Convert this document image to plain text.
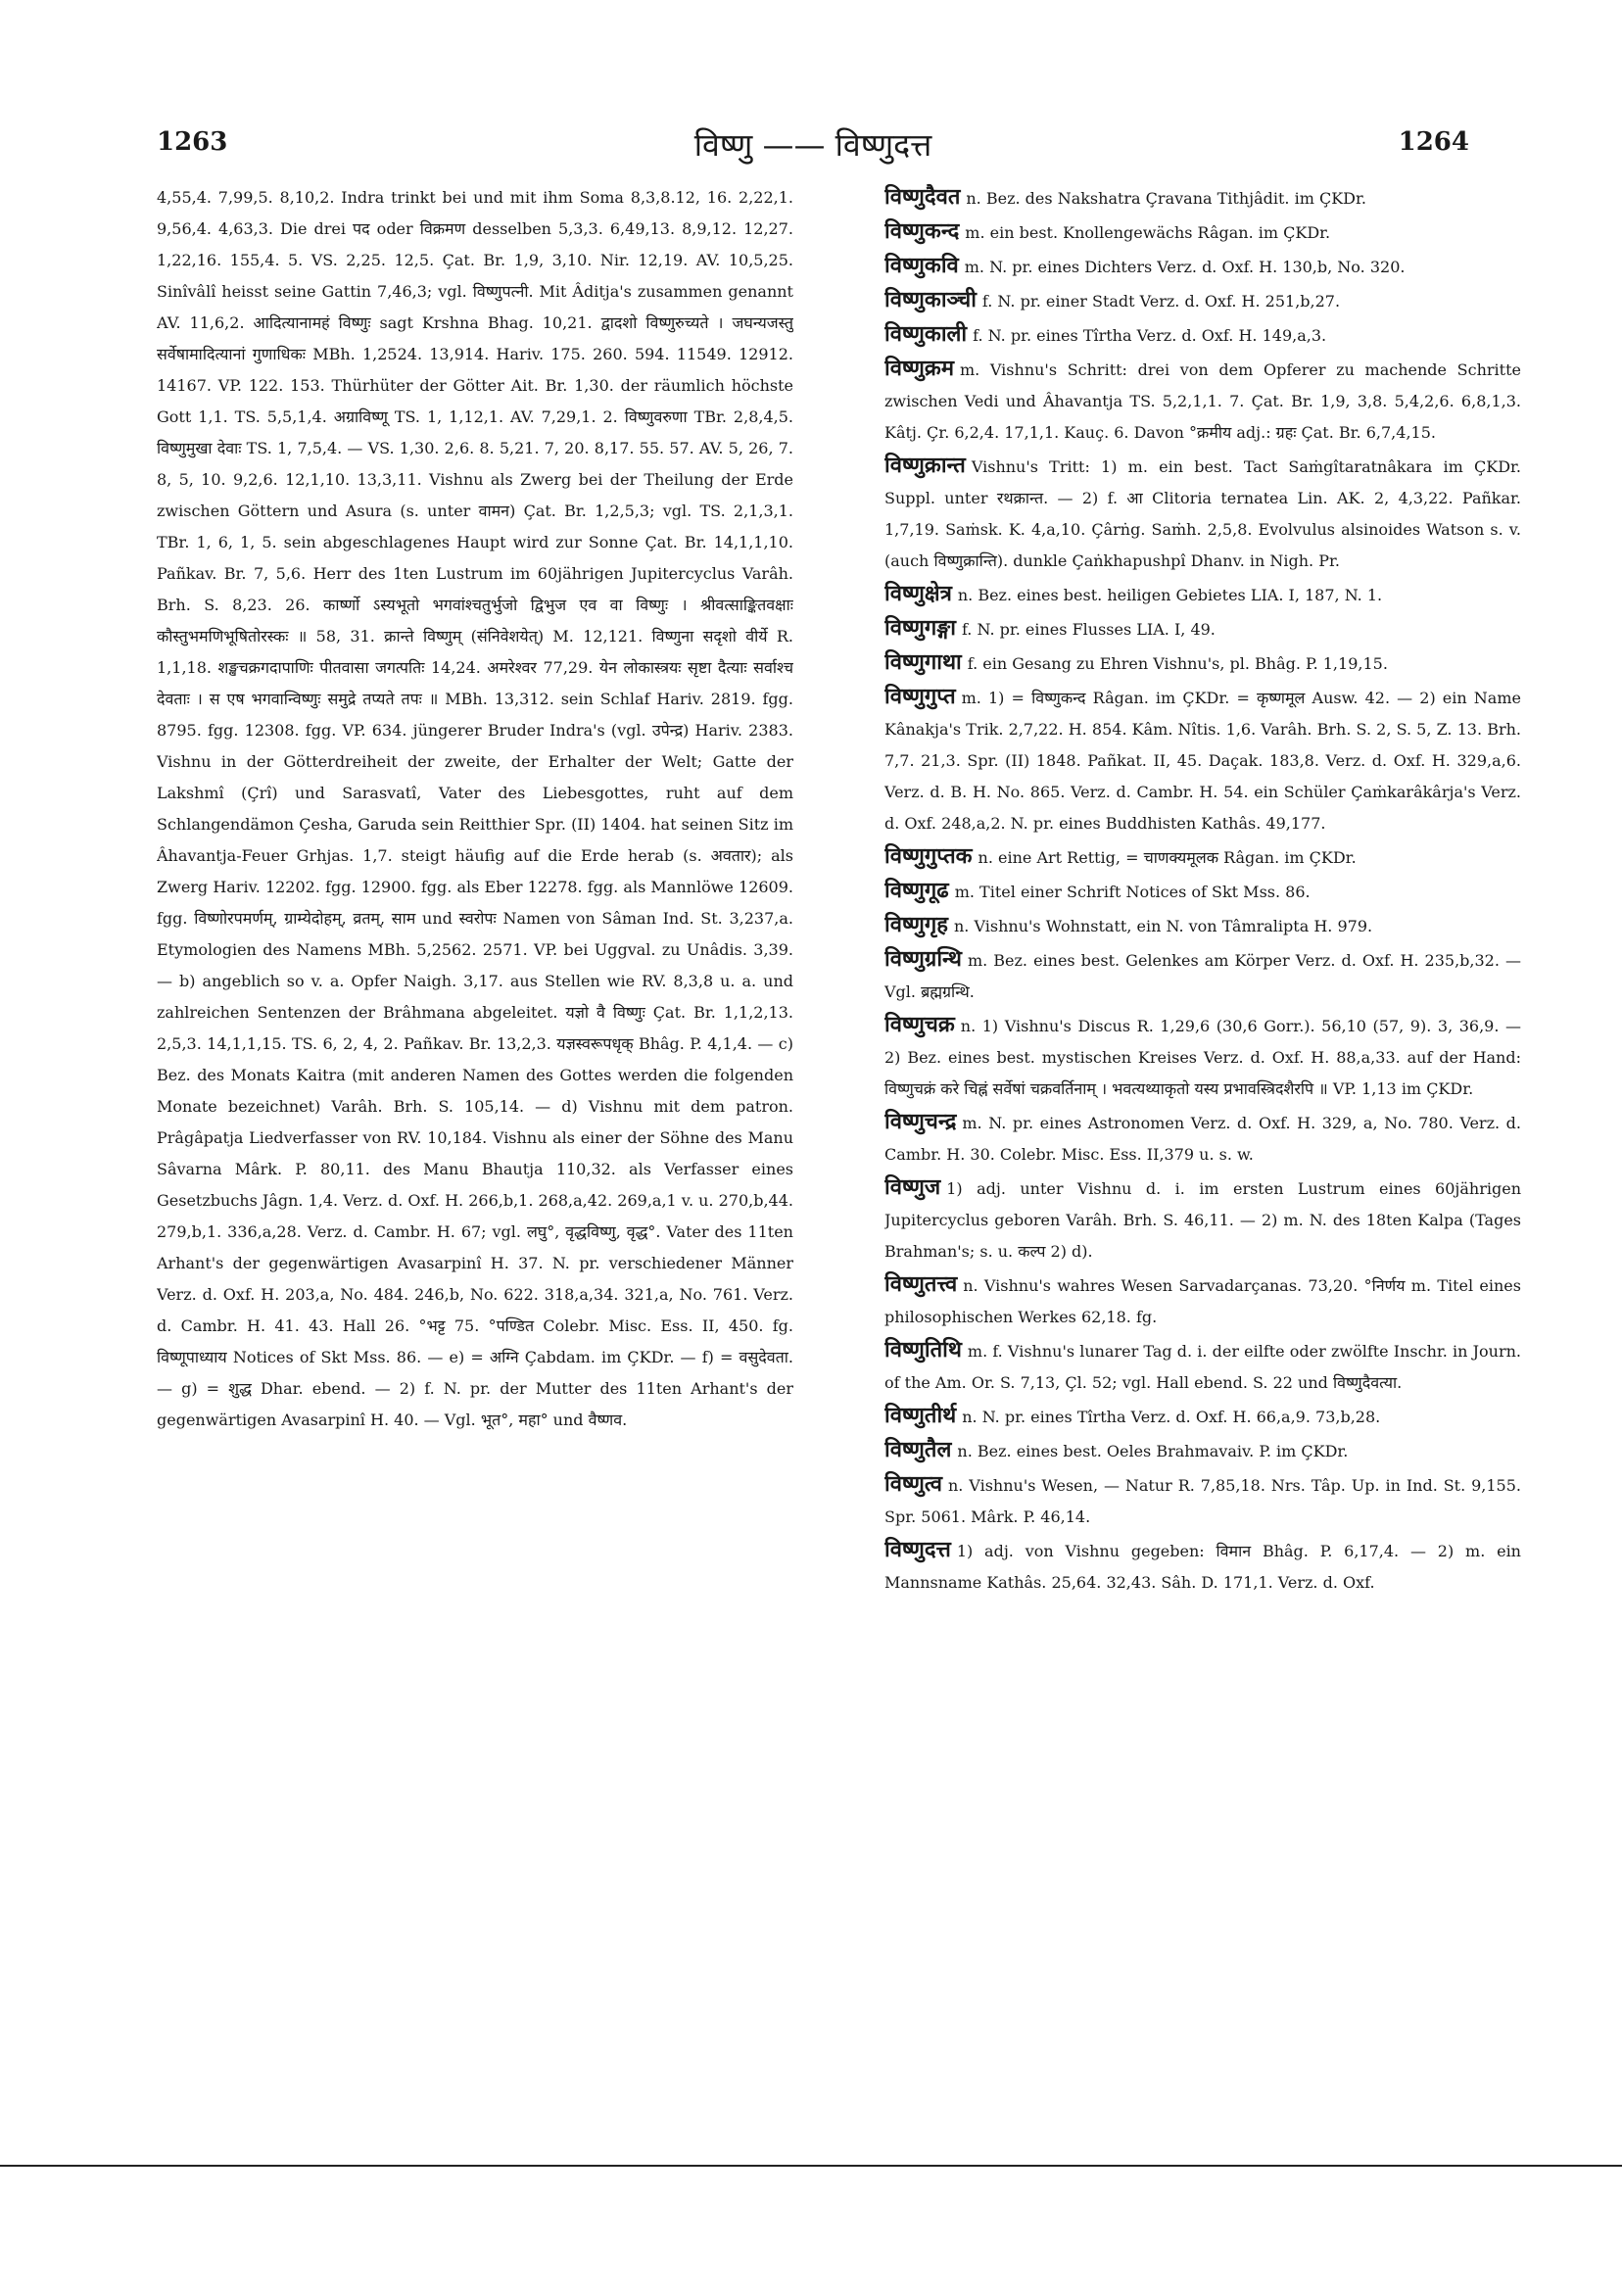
1263	विष्णु —— विष्णुदत्त	1264

4,55,4. 7,99,5. 8,10,2. Indra trinkt bei und mit ihm Soma 8,3,8.12, 16. 2,22,1. 9,56,4. 4,63,3. Die drei पद oder विक्रमण desselben 5,3,3. 6,49,13. 8,9,12. 12,27. 1,22,16. 155,4. 5. VS. 2,25. 12,5. Çat. Br. 1,9, 3,10. Nir. 12,19. AV. 10,5,25. Sinîvâlî heisst seine Gattin 7,46,3; vgl. विष्णुपत्नी. Mit Âditja's zusammen genannt AV. 11,6,2. आदित्यानामहं विष्णुः sagt Krshna Bhag. 10,21. द्वादशो विष्णुरुच्यते । जघन्यजस्तु सर्वेषामादित्यानां गुणाधिकः MBh. 1,2524. 13,914. Hariv. 175. 260. 594. 11549. 12912. 14167. VP. 122. 153. Thürhüter der Götter Ait. Br. 1,30. der räumlich höchste Gott 1,1. TS. 5,5,1,4. अग्राविष्णू TS. 1, 1,12,1. AV. 7,29,1. 2. विष्णुवरुणा TBr. 2,8,4,5. विष्णुमुखा देवाः TS. 1, 7,5,4. — VS. 1,30. 2,6. 8. 5,21. 7, 20. 8,17. 55. 57. AV. 5, 26, 7. 8, 5, 10. 9,2,6. 12,1,10. 13,3,11. Vishnu als Zwerg bei der Theilung der Erde zwischen Göttern und Asura (s. unter वामन) Çat. Br. 1,2,5,3; vgl. TS. 2,1,3,1. TBr. 1, 6, 1, 5. sein abgeschlagenes Haupt wird zur Sonne Çat. Br. 14,1,1,10. Pañkav. Br. 7, 5,6. Herr des 1ten Lustrum im 60jährigen Jupitercyclus Varâh. Brh. S. 8,23. 26. कार्ष्णो ऽस्यभूतो भगवांश्चतुर्भुजो द्विभुज एव वा विष्णुः । श्रीवत्साङ्कितवक्षाः कौस्तुभमणिभूषितोरस्कः ॥ 58, 31. क्रान्ते विष्णुम् (संनिवेशयेत्) M. 12,121. विष्णुना सदृशो वीर्ये R. 1,1,18. शङ्खचक्रगदापाणिः पीतवासा जगत्पतिः 14,24. अमरेश्वर 77,29. येन लोकास्त्रयः सृष्टा दैत्याः सर्वाश्च देवताः । स एष भगवान्विष्णुः समुद्रे तप्यते तपः ॥ MBh. 13,312. sein Schlaf Hariv. 2819. fgg. 8795. fgg. 12308. fgg. VP. 634. jüngerer Bruder Indra's (vgl. उपेन्द्र) Hariv. 2383. Vishnu in der Götterdreiheit der zweite, der Erhalter der Welt; Gatte der Lakshmî (Çrî) und Sarasvatî, Vater des Liebesgottes, ruht auf dem Schlangendämon Çesha, Garuda sein Reitthier Spr. (II) 1404. hat seinen Sitz im Âhavantja-Feuer Grhjas. 1,7. steigt häufig auf die Erde herab (s. अवतार); als Zwerg Hariv. 12202. fgg. 12900. fgg. als Eber 12278. fgg. als Mannlöwe 12609. fgg. विष्णोरपमर्णम्, ग्राम्येदोहम्, व्रतम्, साम und स्वरोपः Namen von Sâman Ind. St. 3,237,a. Etymologien des Namens MBh. 5,2562. 2571. VP. bei Uggval. zu Unâdis. 3,39. — b) angeblich so v. a. Opfer Naigh. 3,17. aus Stellen wie RV. 8,3,8 u. a. und zahlreichen Sentenzen der Brâhmana abgeleitet. यज्ञो वै विष्णुः Çat. Br. 1,1,2,13. 2,5,3. 14,1,1,15. TS. 6, 2, 4, 2. Pañkav. Br. 13,2,3. यज्ञस्वरूपधृक् Bhâg. P. 4,1,4. — c) Bez. des Monats Kaitra (mit anderen Namen des Gottes werden die folgenden Monate bezeichnet) Varâh. Brh. S. 105,14. — d) Vishnu mit dem patron. Prâgâpatja Liedverfasser von RV. 10,184. Vishnu als einer der Söhne des Manu Sâvarna Mârk. P. 80,11. des Manu Bhautja 110,32. als Verfasser eines Gesetzbuchs Jâgn. 1,4. Verz. d. Oxf. H. 266,b,1. 268,a,42. 269,a,1 v. u. 270,b,44. 279,b,1. 336,a,28. Verz. d. Cambr. H. 67; vgl. लघु°, वृद्धविष्णु, वृद्ध°. Vater des 11ten Arhant's der gegenwärtigen Avasarpinî H. 37. N. pr. verschiedener Männer Verz. d. Oxf. H. 203,a, No. 484. 246,b, No. 622. 318,a,34. 321,a, No. 761. Verz. d. Cambr. H. 41. 43. Hall 26. °भट्ट 75. °पण्डित Colebr. Misc. Ess. II, 450. fg. विष्णूपाध्याय Notices of Skt Mss. 86. — e) = अग्नि Çabdam. im ÇKDr. — f) = वसुदेवता. — g) = शुद्ध Dhar. ebend. — 2) f. N. pr. der Mutter des 11ten Arhant's der gegenwärtigen Avasarpinî H. 40. — Vgl. भूत°, महा° und वैष्णव.

विष्णुदैवत n. Bez. des Nakshatra Çravana Tithjâdit. im ÇKDr.

विष्णुकन्द m. ein best. Knollengewächs Râgan. im ÇKDr.

विष्णुकवि m. N. pr. eines Dichters Verz. d. Oxf. H. 130,b, No. 320.

विष्णुकाञ्ची f. N. pr. einer Stadt Verz. d. Oxf. H. 251,b,27.

विष्णुकाली f. N. pr. eines Tîrtha Verz. d. Oxf. H. 149,a,3.

विष्णुक्रम m. Vishnu's Schritt: drei von dem Opferer zu machende Schritte zwischen Vedi und Âhavantja TS. 5,2,1,1. 7. Çat. Br. 1,9, 3,8. 5,4,2,6. 6,8,1,3. Kâtj. Çr. 6,2,4. 17,1,1. Kauç. 6. Davon °क्रमीय adj.: ग्रहः Çat. Br. 6,7,4,15.

विष्णुक्रान्त Vishnu's Tritt: 1) m. ein best. Tact Saṁgîtaratnâkara im ÇKDr. Suppl. unter रथक्रान्त. — 2) f. आ Clitoria ternatea Lin. AK. 2, 4,3,22. Pañkar. 1,7,19. Saṁsk. K. 4,a,10. Çârṅg. Saṁh. 2,5,8. Evolvulus alsinoides Watson s. v. (auch विष्णुक्रान्ति). dunkle Çaṅkhapushpî Dhanv. in Nigh. Pr.

विष्णुक्षेत्र n. Bez. eines best. heiligen Gebietes LIA. I, 187, N. 1.

विष्णुगङ्गा f. N. pr. eines Flusses LIA. I, 49.

विष्णुगाथा f. ein Gesang zu Ehren Vishnu's, pl. Bhâg. P. 1,19,15.

विष्णुगुप्त m. 1) = विष्णुकन्द Râgan. im ÇKDr. = कृष्णमूल Ausw. 42. — 2) ein Name Kânakja's Trik. 2,7,22. H. 854. Kâm. Nîtis. 1,6. Varâh. Brh. S. 2, S. 5, Z. 13. Brh. 7,7. 21,3. Spr. (II) 1848. Pañkat. II, 45. Daçak. 183,8. Verz. d. Oxf. H. 329,a,6. Verz. d. B. H. No. 865. Verz. d. Cambr. H. 54. ein Schüler Çaṁkarâkârja's Verz. d. Oxf. 248,a,2. N. pr. eines Buddhisten Kathâs. 49,177.

विष्णुगुप्तक n. eine Art Rettig, = चाणक्यमूलक Râgan. im ÇKDr.

विष्णुगूढ m. Titel einer Schrift Notices of Skt Mss. 86.

विष्णुगृह n. Vishnu's Wohnstatt, ein N. von Tâmralipta H. 979.

विष्णुग्रन्थि m. Bez. eines best. Gelenkes am Körper Verz. d. Oxf. H. 235,b,32. — Vgl. ब्रह्मग्रन्थि.

विष्णुचक्र n. 1) Vishnu's Discus R. 1,29,6 (30,6 Gorr.). 56,10 (57, 9). 3, 36,9. — 2) Bez. eines best. mystischen Kreises Verz. d. Oxf. H. 88,a,33. auf der Hand: विष्णुचक्रं करे चिह्नं सर्वेषां चक्रवर्तिनाम् । भवत्यथ्याकृतो यस्य प्रभावस्त्रिदशैरपि ॥ VP. 1,13 im ÇKDr.

विष्णुचन्द्र m. N. pr. eines Astronomen Verz. d. Oxf. H. 329, a, No. 780. Verz. d. Cambr. H. 30. Colebr. Misc. Ess. II,379 u. s. w.

विष्णुज 1) adj. unter Vishnu d. i. im ersten Lustrum eines 60jährigen Jupitercyclus geboren Varâh. Brh. S. 46,11. — 2) m. N. des 18ten Kalpa (Tages Brahman's; s. u. कल्प 2) d).

विष्णुतत्त्व n. Vishnu's wahres Wesen Sarvadarçanas. 73,20. °निर्णय m. Titel eines philosophischen Werkes 62,18. fg.

विष्णुतिथि m. f. Vishnu's lunarer Tag d. i. der eilfte oder zwölfte Inschr. in Journ. of the Am. Or. S. 7,13, Çl. 52; vgl. Hall ebend. S. 22 und विष्णुदैवत्या.

विष्णुतीर्थ n. N. pr. eines Tîrtha Verz. d. Oxf. H. 66,a,9. 73,b,28.

विष्णुतैल n. Bez. eines best. Oeles Brahmavaiv. P. im ÇKDr.

विष्णुत्व n. Vishnu's Wesen, — Natur R. 7,85,18. Nrs. Tâp. Up. in Ind. St. 9,155. Spr. 5061. Mârk. P. 46,14.

विष्णुदत्त 1) adj. von Vishnu gegeben: विमान Bhâg. P. 6,17,4. — 2) m. ein Mannsname Kathâs. 25,64. 32,43. Sâh. D. 171,1. Verz. d. Oxf.
